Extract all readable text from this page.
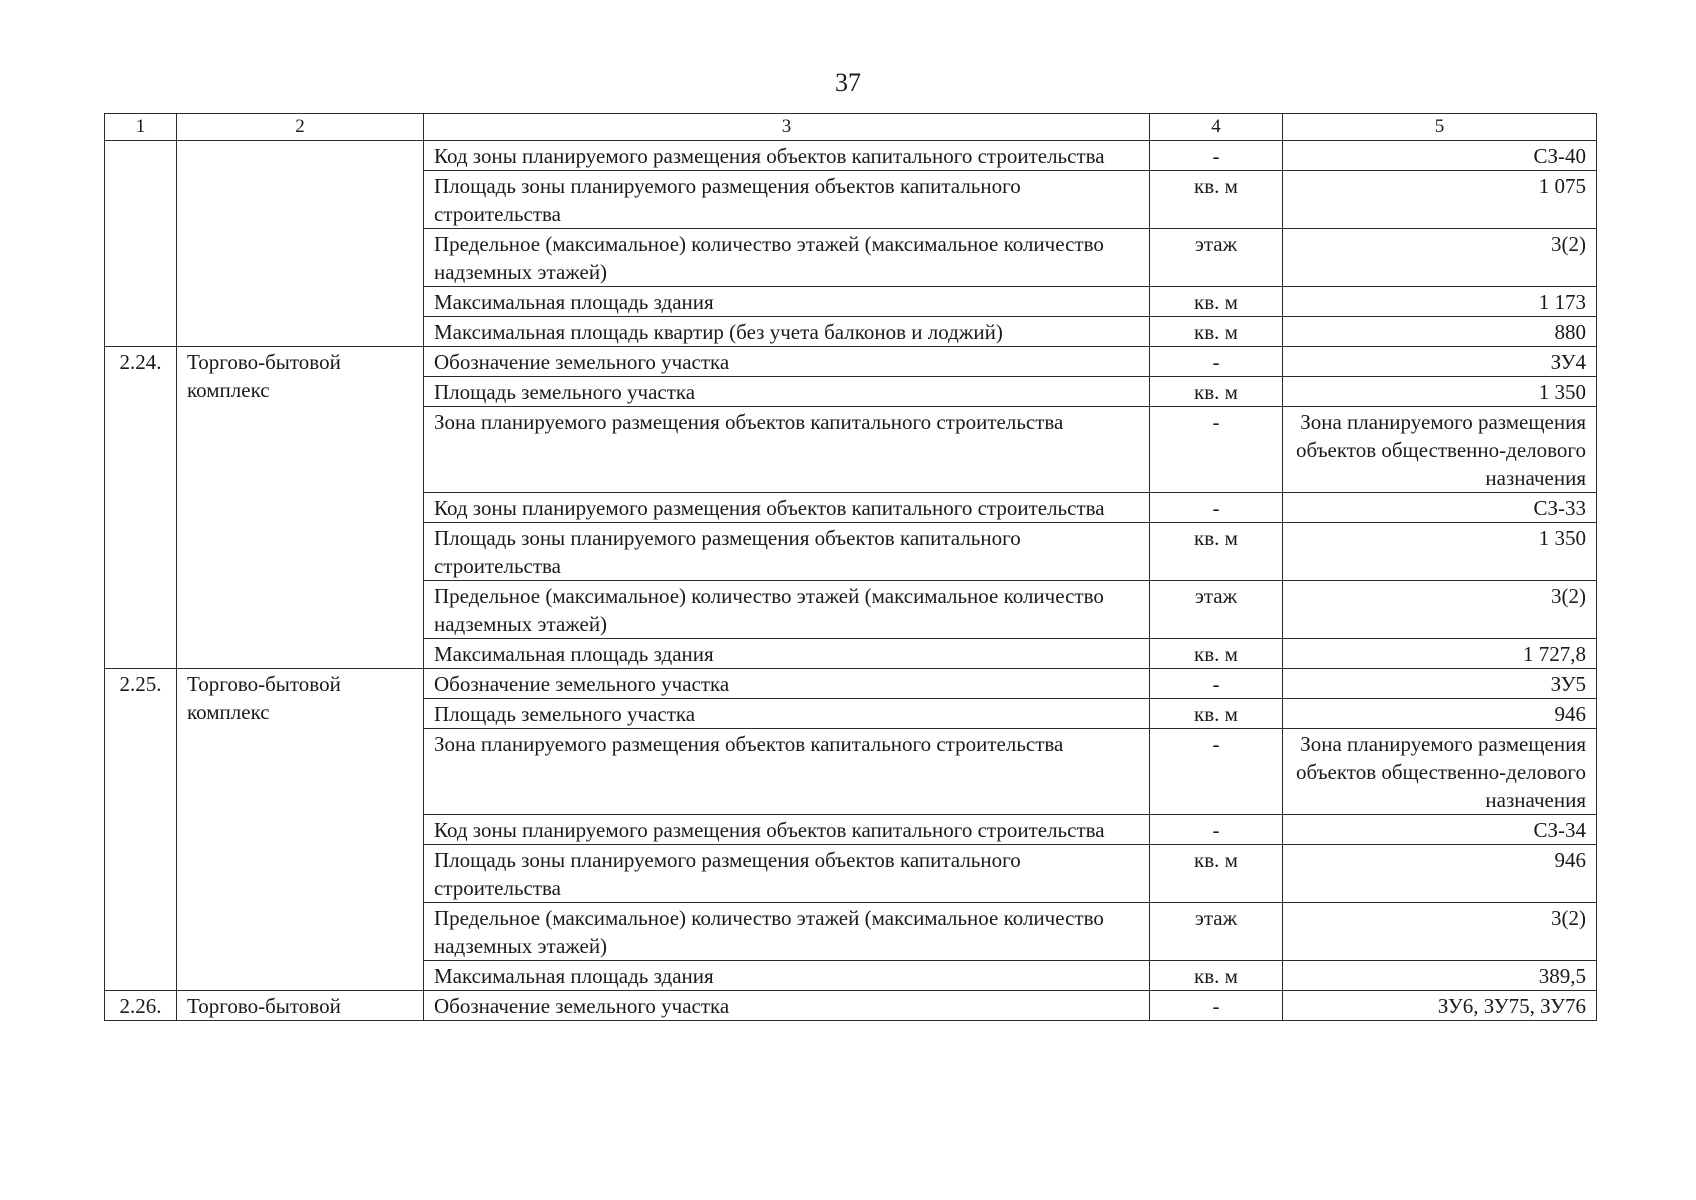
37
1	2	3	4	5
		Код зоны планируемого размещения объектов капитального строительства	-	СЗ-40
		Площадь зоны планируемого размещения объектов капитального строительства	кв. м	1 075
		Предельное (максимальное) количество этажей (максимальное количество надземных этажей)	этаж	3(2)
		Максимальная площадь здания	кв. м	1 173
		Максимальная площадь квартир (без учета балконов и лоджий)	кв. м	880
2.24.	Торгово-бытовой комплекс	Обозначение земельного участка	-	ЗУ4
		Площадь земельного участка	кв. м	1 350
		Зона планируемого размещения объектов капитального строительства	-	Зона планируемого размещения объектов общественно-делового назначения
		Код зоны планируемого размещения объектов капитального строительства	-	СЗ-33
		Площадь зоны планируемого размещения объектов капитального строительства	кв. м	1 350
		Предельное (максимальное) количество этажей (максимальное количество надземных этажей)	этаж	3(2)
		Максимальная площадь здания	кв. м	1 727,8
2.25.	Торгово-бытовой комплекс	Обозначение земельного участка	-	ЗУ5
		Площадь земельного участка	кв. м	946
		Зона планируемого размещения объектов капитального строительства	-	Зона планируемого размещения объектов общественно-делового назначения
		Код зоны планируемого размещения объектов капитального строительства	-	СЗ-34
		Площадь зоны планируемого размещения объектов капитального строительства	кв. м	946
		Предельное (максимальное) количество этажей (максимальное количество надземных этажей)	этаж	3(2)
		Максимальная площадь здания	кв. м	389,5
2.26.	Торгово-бытовой	Обозначение земельного участка	-	ЗУ6, ЗУ75, ЗУ76
